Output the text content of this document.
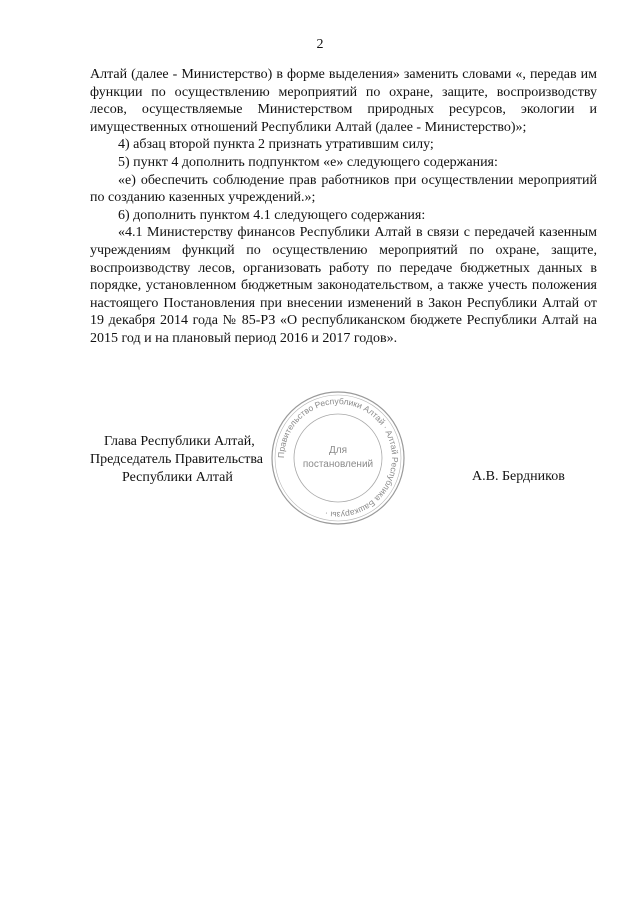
2

Алтай (далее - Министерство) в форме выделения» заменить словами «, передав им функции по осуществлению мероприятий по охране, защите, воспроизводству лесов, осуществляемые Министерством природных ресурсов, экологии и имущественных отношений Республики Алтай (далее - Министерство)»;

4) абзац второй пункта 2 признать утратившим силу;

5) пункт 4 дополнить подпунктом «е» следующего содержания:

«е) обеспечить соблюдение прав работников при осуществлении мероприятий по созданию казенных учреждений.»;

6) дополнить пунктом 4.1 следующего содержания:

«4.1 Министерству финансов Республики Алтай в связи с передачей казенным учреждениям функций по осуществлению мероприятий по охране, защите, воспроизводству лесов, организовать работу по передаче бюджетных данных в порядке, установленном бюджетным законодательством, а также учесть положения настоящего Постановления при внесении изменений в Закон Республики Алтай от 19 декабря 2014 года № 85-РЗ «О республиканском бюджете Республики Алтай на 2015 год и на плановый период 2016 и 2017 годов».

Глава Республики Алтай,
Председатель Правительства
Республики Алтай	А.В. Бердников
Правительство Республики Алтай · Алтай Республика Башкарузы ·
Для
постановлений
